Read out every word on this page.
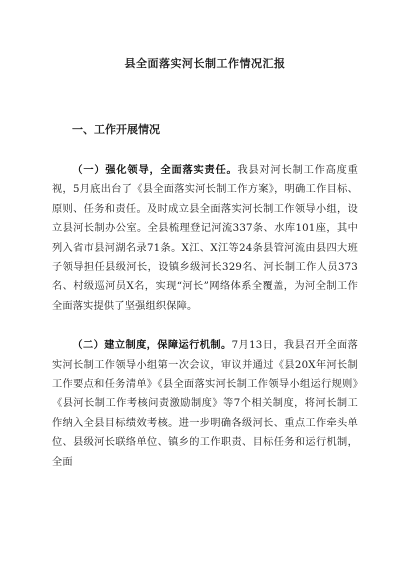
县全面落实河长制工作情况汇报
一、工作开展情况

（一）强化领导，全面落实责任。我县对河长制工作高度重视，5月底出台了《县全面落实河长制工作方案》，明确工作目标、原则、任务和责任。及时成立县全面落实河长制工作领导小组，设立县河长制办公室。全县梳理登记河流337条、水库101座，其中列入省市县河湖名录71条。X江、X江等24条县管河流由县四大班子领导担任县级河长，设镇乡级河长329名、河长制工作人员373名、村级巡河员X名，实现“河长”网络体系全覆盖，为河全制工作全面落实提供了坚强组织保障。

（二）建立制度，保障运行机制。7月13日，我县召开全面落实河长制工作领导小组第一次会议，审议并通过《县20X年河长制工作要点和任务清单》《县全面落实河长制工作领导小组运行规则》《县河长制工作考核问责激励制度》等7个相关制度，将河长制工作纳入全县目标绩效考核。进一步明确各级河长、重点工作牵头单位、县级河长联络单位、镇乡的工作职责、目标任务和运行机制，全面
